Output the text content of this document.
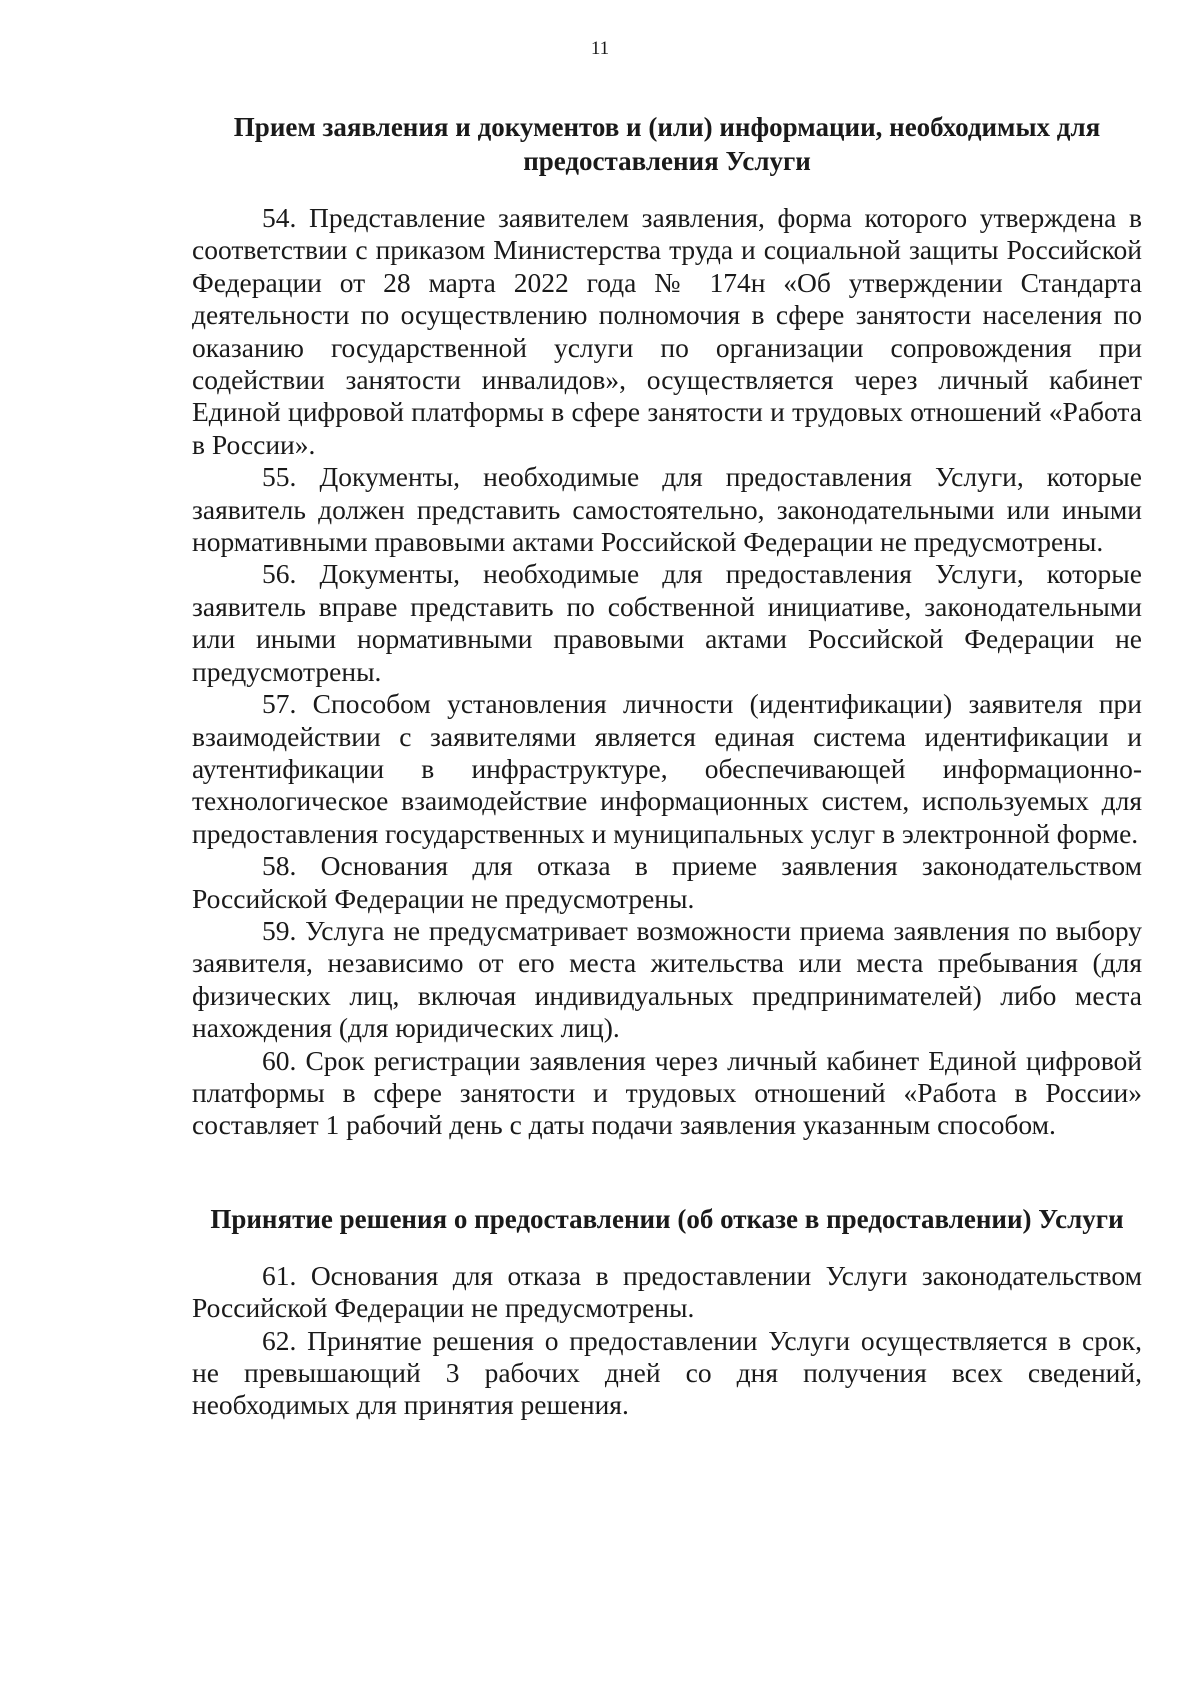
11
Прием заявления и документов и (или) информации, необходимых для предоставления Услуги

54. Представление заявителем заявления, форма которого утверждена в соответствии с приказом Министерства труда и социальной защиты Российской Федерации от 28 марта 2022 года № 174н «Об утверждении Стандарта деятельности по осуществлению полномочия в сфере занятости населения по оказанию государственной услуги по организации сопровождения при содействии занятости инвалидов», осуществляется через личный кабинет Единой цифровой платформы в сфере занятости и трудовых отношений «Работа в России».

55. Документы, необходимые для предоставления Услуги, которые заявитель должен представить самостоятельно, законодательными или иными нормативными правовыми актами Российской Федерации не предусмотрены.

56. Документы, необходимые для предоставления Услуги, которые заявитель вправе представить по собственной инициативе, законодательными или иными нормативными правовыми актами Российской Федерации не предусмотрены.

57. Способом установления личности (идентификации) заявителя при взаимодействии с заявителями является единая система идентификации и аутентификации в инфраструктуре, обеспечивающей информационно-технологическое взаимодействие информационных систем, используемых для предоставления государственных и муниципальных услуг в электронной форме.

58. Основания для отказа в приеме заявления законодательством Российской Федерации не предусмотрены.

59. Услуга не предусматривает возможности приема заявления по выбору заявителя, независимо от его места жительства или места пребывания (для физических лиц, включая индивидуальных предпринимателей) либо места нахождения (для юридических лиц).

60. Срок регистрации заявления через личный кабинет Единой цифровой платформы в сфере занятости и трудовых отношений «Работа в России» составляет 1 рабочий день с даты подачи заявления указанным способом.

Принятие решения о предоставлении (об отказе в предоставлении) Услуги

61. Основания для отказа в предоставлении Услуги законодательством Российской Федерации не предусмотрены.

62. Принятие решения о предоставлении Услуги осуществляется в срок, не превышающий 3 рабочих дней со дня получения всех сведений, необходимых для принятия решения.
